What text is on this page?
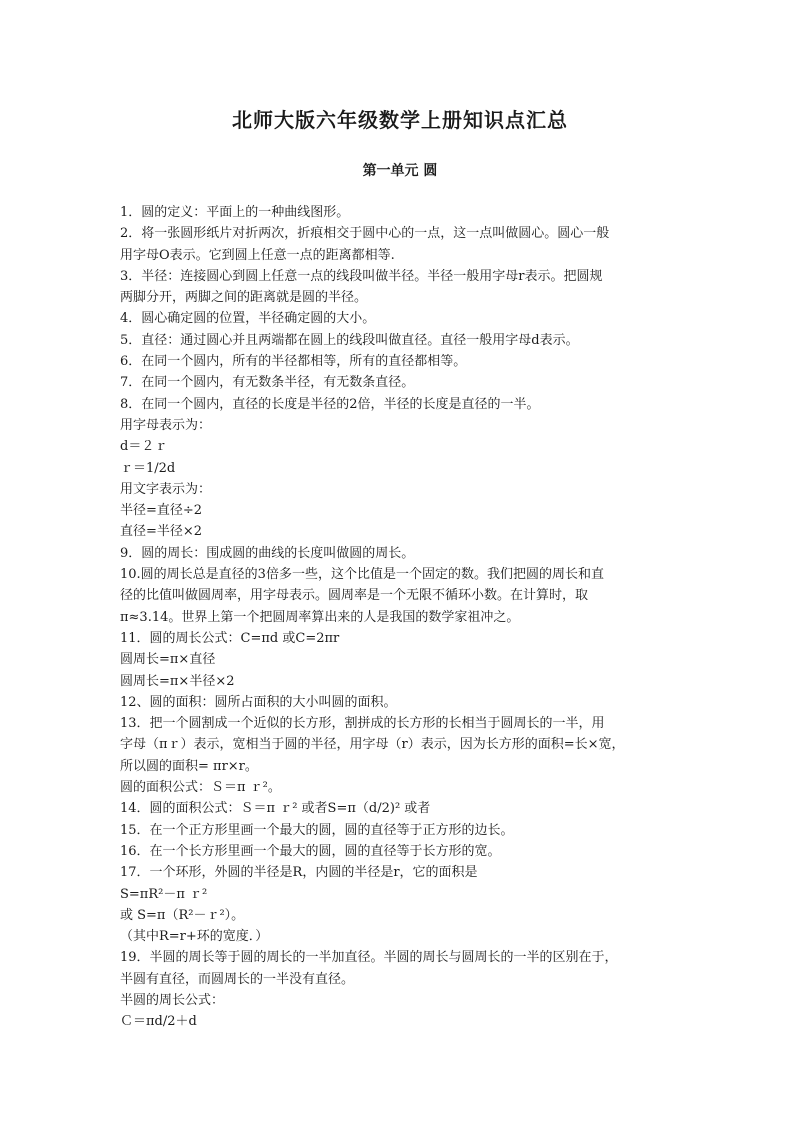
北师大版六年级数学上册知识点汇总
第一单元 圆
1．圆的定义：平面上的一种曲线图形。
2．将一张圆形纸片对折两次，折痕相交于圆中心的一点，这一点叫做圆心。圆心一般
用字母O表示。它到圆上任意一点的距离都相等.
3．半径：连接圆心到圆上任意一点的线段叫做半径。半径一般用字母r表示。把圆规
两脚分开，两脚之间的距离就是圆的半径。
4．圆心确定圆的位置，半径确定圆的大小。
5．直径：通过圆心并且两端都在圆上的线段叫做直径。直径一般用字母d表示。
6．在同一个圆内，所有的半径都相等，所有的直径都相等。
7．在同一个圆内，有无数条半径，有无数条直径。
8．在同一个圆内，直径的长度是半径的2倍，半径的长度是直径的一半。
用字母表示为：
d＝２ｒ
ｒ＝1/2d
用文字表示为：
半径=直径÷2
直径=半径×2
9．圆的周长：围成圆的曲线的长度叫做圆的周长。
10.圆的周长总是直径的3倍多一些，这个比值是一个固定的数。我们把圆的周长和直
径的比值叫做圆周率，用字母表示。圆周率是一个无限不循环小数。在计算时，取
π≈3.14。世界上第一个把圆周率算出来的人是我国的数学家祖冲之。
11．圆的周长公式：C=πd 或C=2πr
圆周长=π×直径
圆周长=π×半径×2
12、圆的面积：圆所占面积的大小叫圆的面积。
13．把一个圆割成一个近似的长方形，割拼成的长方形的长相当于圆周长的一半，用
字母（πｒ）表示，宽相当于圆的半径，用字母（r）表示，因为长方形的面积=长×宽，
所以圆的面积= πr×r。
圆的面积公式：Ｓ＝π ｒ²。
14．圆的面积公式：Ｓ＝π ｒ² 或者S=π（d/2)² 或者
15．在一个正方形里画一个最大的圆，圆的直径等于正方形的边长。
16．在一个长方形里画一个最大的圆，圆的直径等于长方形的宽。
17．一个环形，外圆的半径是R，内圆的半径是r，它的面积是
S=πR²－π ｒ²
或 S=π（R²－ｒ²）。
（其中R=r+环的宽度．）
19．半圆的周长等于圆的周长的一半加直径。半圆的周长与圆周长的一半的区别在于，
半圆有直径，而圆周长的一半没有直径。
半圆的周长公式：
Ｃ＝πd/2＋d
